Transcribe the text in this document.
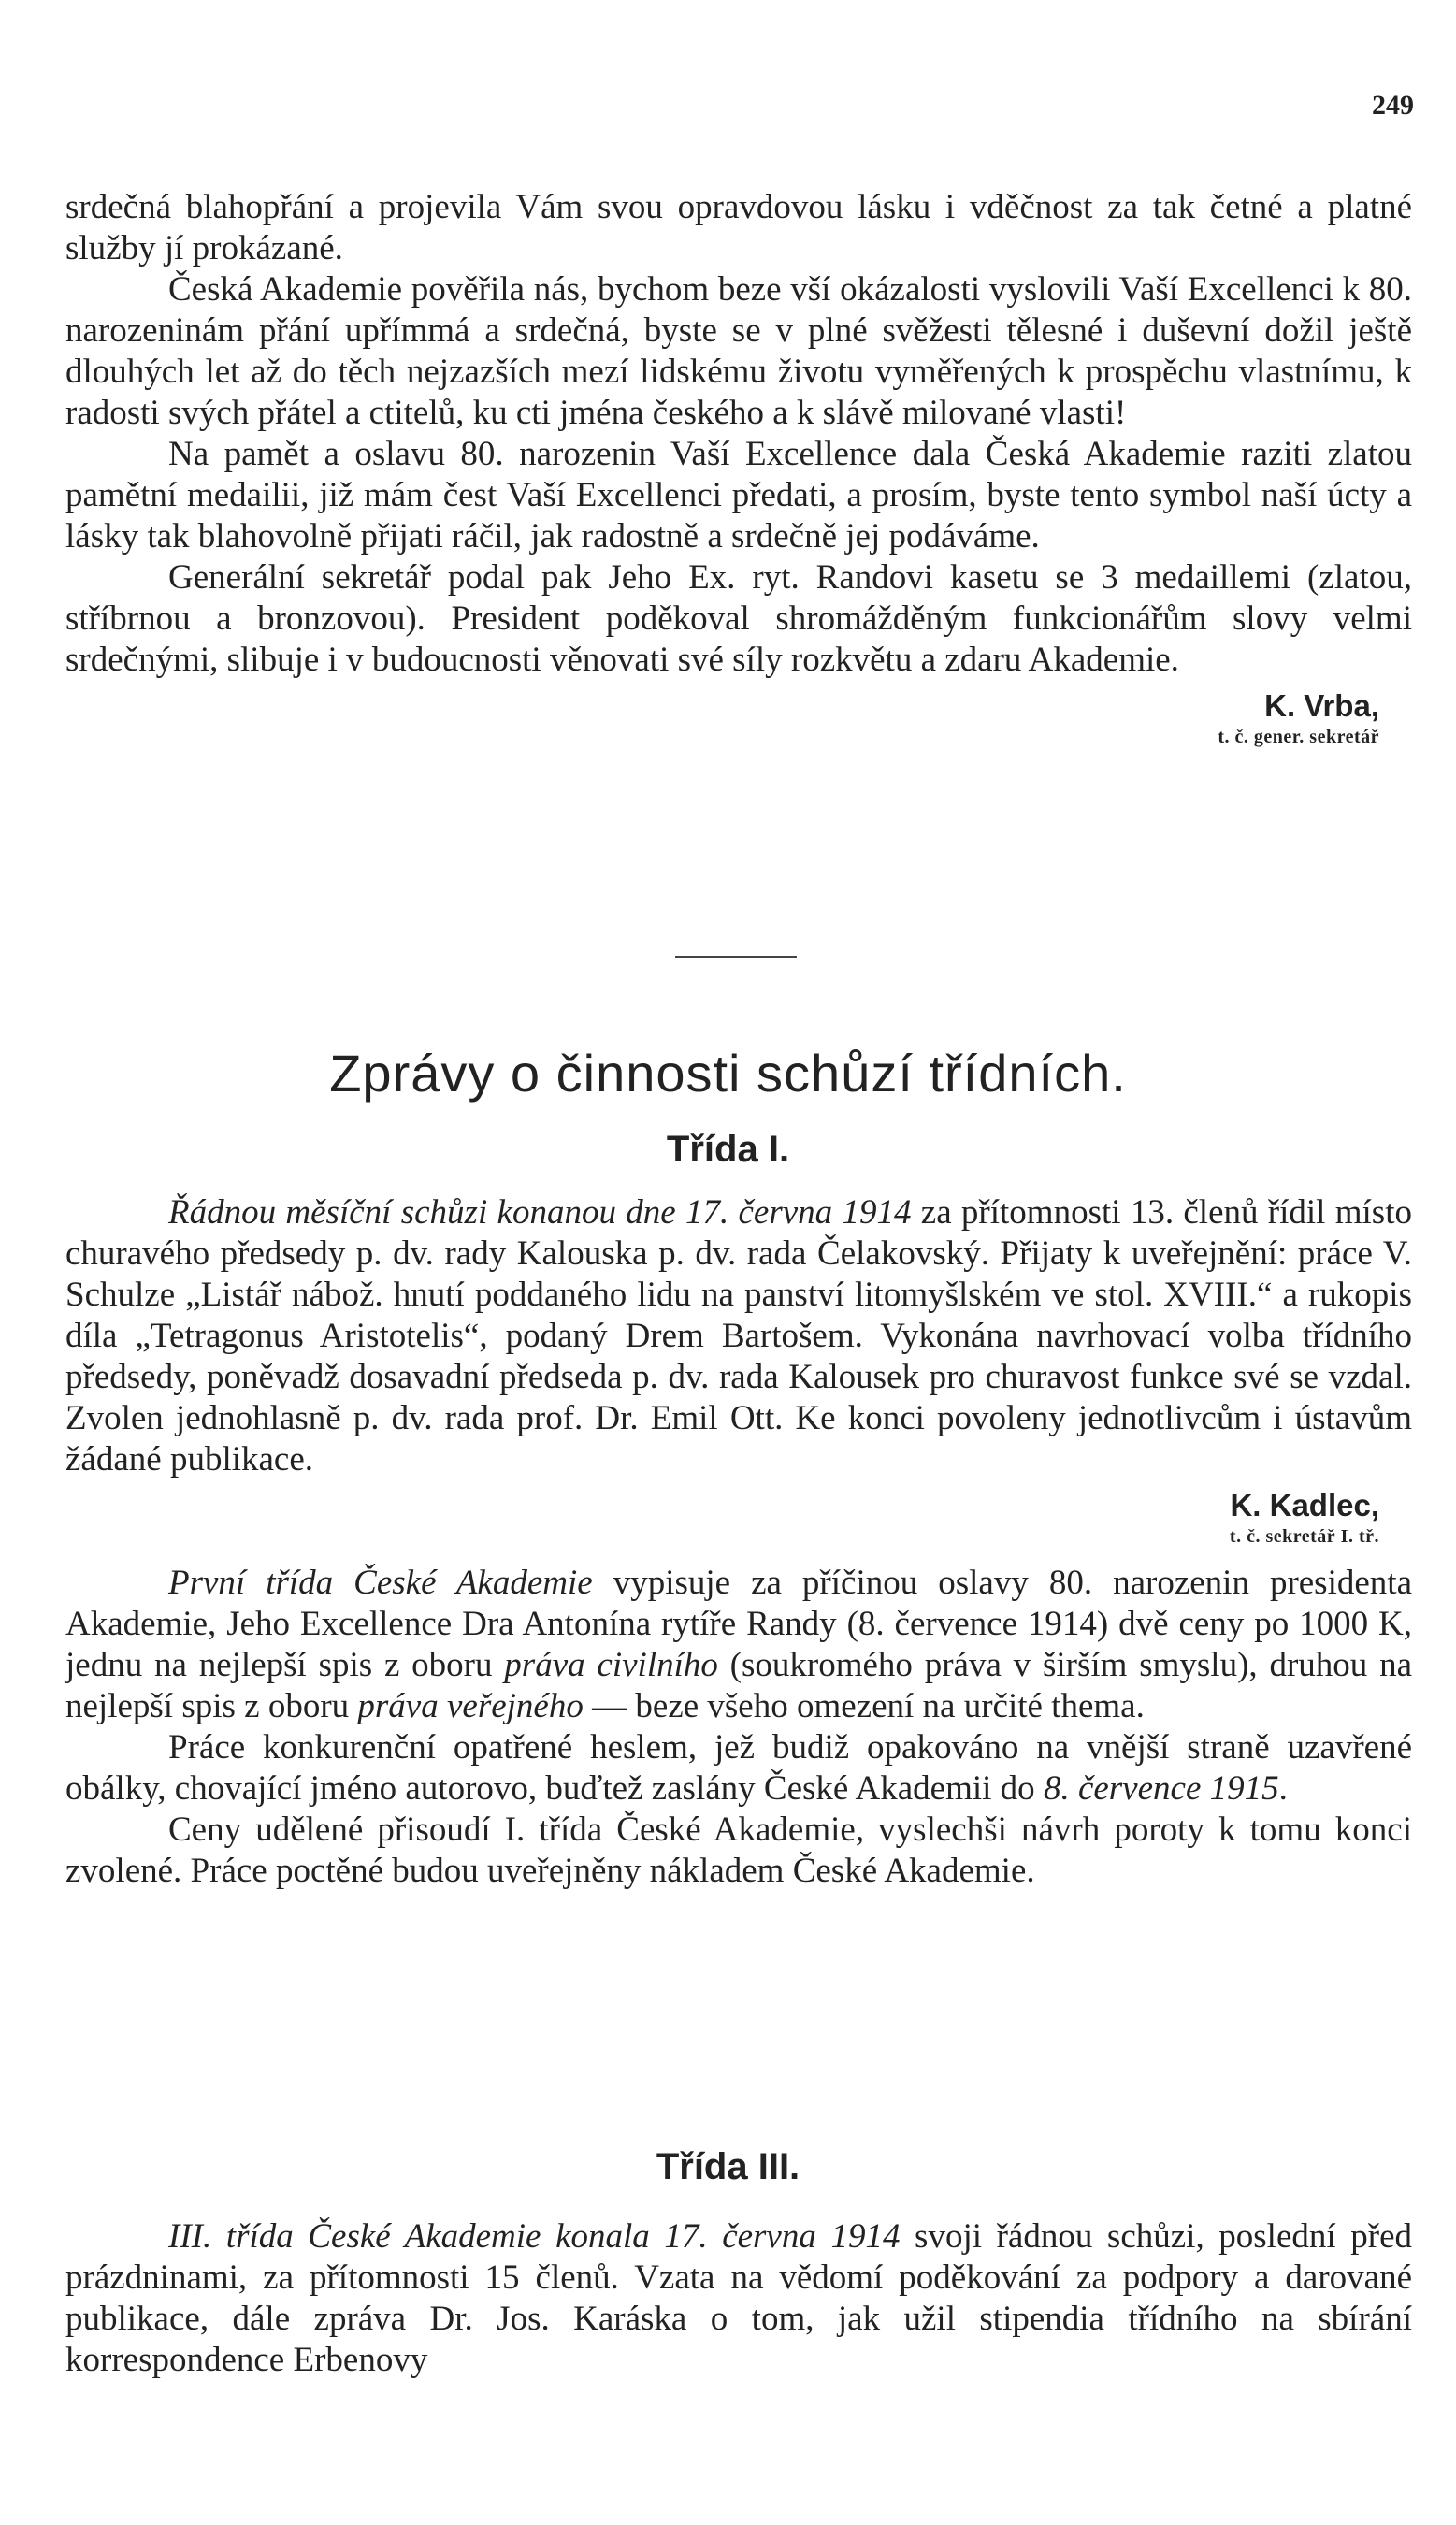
249

srdečná blahopřání a projevila Vám svou opravdovou lásku i vděčnost za tak četné a platné služby jí prokázané.

Česká Akademie pověřila nás, bychom beze vší okázalosti vyslovili Vaší Excellenci k 80. narozeninám přání upřímmá a srdečná, byste se v plné svěžesti tělesné i duševní dožil ještě dlouhých let až do těch nejzazších mezí lidskému životu vyměřených k prospěchu vlastnímu, k radosti svých přátel a ctitelů, ku cti jména českého a k slávě milované vlasti!

Na pamět a oslavu 80. narozenin Vaší Excellence dala Česká Akademie raziti zlatou pamětní medailii, již mám čest Vaší Excellenci předati, a prosím, byste tento symbol naší úcty a lásky tak blahovolně přijati ráčil, jak radostně a srdečně jej podáváme.

Generální sekretář podal pak Jeho Ex. ryt. Randovi kasetu se 3 medaillemi (zlatou, stříbrnou a bronzovou). President poděkoval shromážděným funkcionářům slovy velmi srdečnými, slibuje i v budoucnosti věnovati své síly rozkvětu a zdaru Akademie.

K. Vrba,
t. č. gener. sekretář
Zprávy o činnosti schůzí třídních.
Třída I.

Řádnou měsíční schůzi konanou dne 17. června 1914 za přítomnosti 13. členů řídil místo churavého předsedy p. dv. rady Kalouska p. dv. rada Čelakovský. Přijaty k uveřejnění: práce V. Schulze „Listář nábož. hnutí poddaného lidu na panství litomyšlském ve stol. XVIII.“ a rukopis díla „Tetragonus Aristotelis“, podaný Drem Bartošem. Vykonána navrhovací volba třídního předsedy, poněvadž dosavadní předseda p. dv. rada Kalousek pro churavost funkce své se vzdal. Zvolen jednohlasně p. dv. rada prof. Dr. Emil Ott. Ke konci povoleny jednotlivcům i ústavům žádané publikace.

K. Kadlec,
t. č. sekretář I. tř.

První třída České Akademie vypisuje za příčinou oslavy 80. narozenin presidenta Akademie, Jeho Excellence Dra Antonína rytíře Randy (8. července 1914) dvě ceny po 1000 K, jednu na nejlepší spis z oboru práva civilního (soukromého práva v širším smyslu), druhou na nejlepší spis z oboru práva veřejného — beze všeho omezení na určité thema.

Práce konkurenční opatřené heslem, jež budiž opakováno na vnější straně uzavřené obálky, chovající jméno autorovo, buďtež zaslány České Akademii do 8. července 1915.

Ceny udělené přisoudí I. třída České Akademie, vyslechši návrh poroty k tomu konci zvolené. Práce poctěné budou uveřejněny nákladem České Akademie.

Třída III.

III. třída České Akademie konala 17. června 1914 svoji řádnou schůzi, poslední před prázdninami, za přítomnosti 15 členů. Vzata na vědomí poděkování za podpory a darované publikace, dále zpráva Dr. Jos. Karáska o tom, jak užil stipendia třídního na sbírání korrespondence Erbenovy
